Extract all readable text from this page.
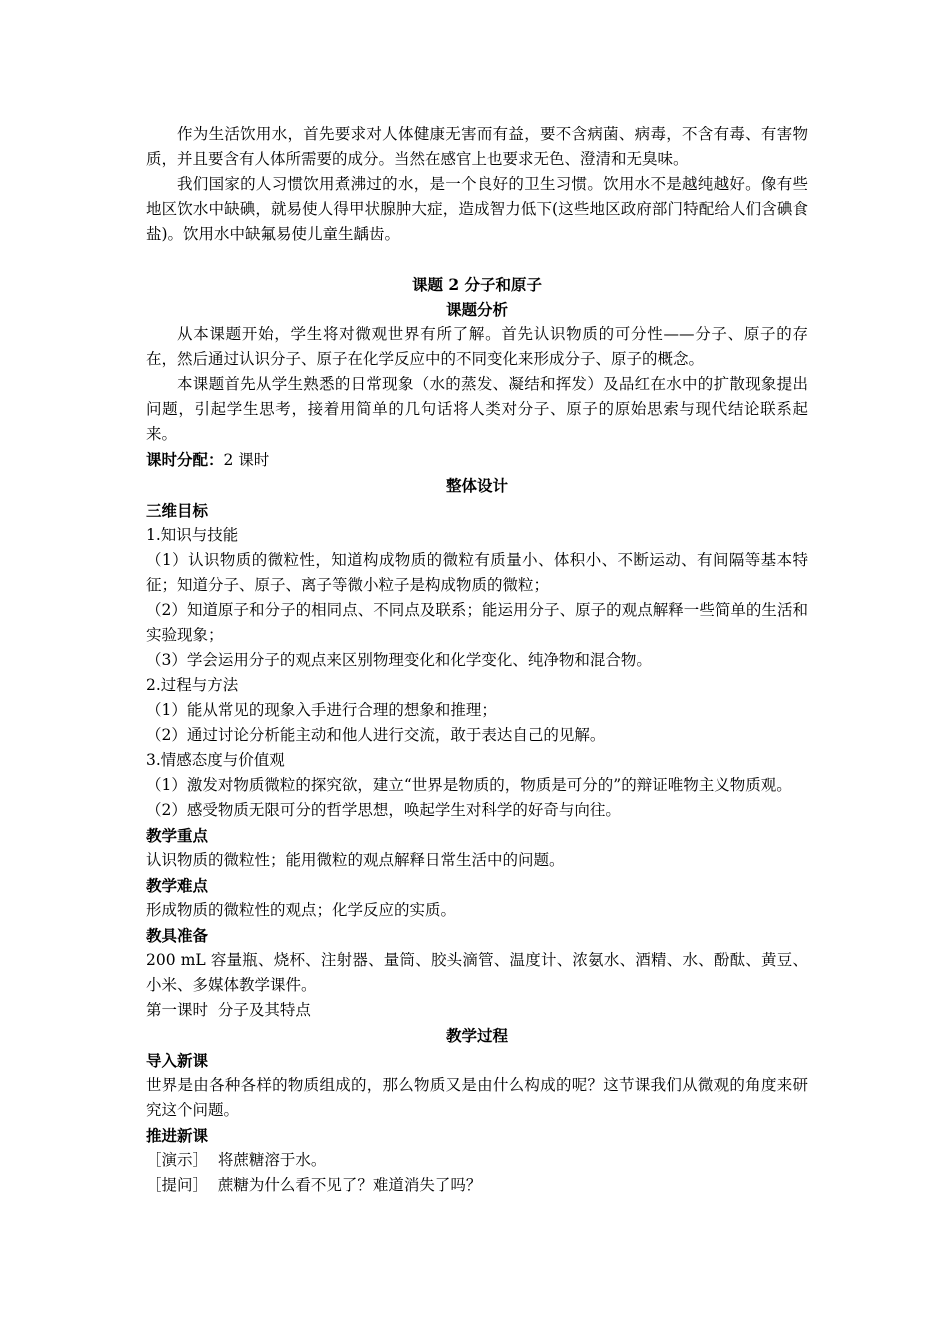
作为生活饮用水，首先要求对人体健康无害而有益，要不含病菌、病毒，不含有毒、有害物质，并且要含有人体所需要的成分。当然在感官上也要求无色、澄清和无臭味。

我们国家的人习惯饮用煮沸过的水，是一个良好的卫生习惯。饮用水不是越纯越好。像有些地区饮水中缺碘，就易使人得甲状腺肿大症，造成智力低下(这些地区政府部门特配给人们含碘食盐)。饮用水中缺氟易使儿童生龋齿。

课题 2 分子和原子

课题分析

从本课题开始，学生将对微观世界有所了解。首先认识物质的可分性——分子、原子的存在，然后通过认识分子、原子在化学反应中的不同变化来形成分子、原子的概念。

本课题首先从学生熟悉的日常现象（水的蒸发、凝结和挥发）及品红在水中的扩散现象提出问题，引起学生思考，接着用简单的几句话将人类对分子、原子的原始思索与现代结论联系起来。

课时分配：2 课时

整体设计

三维目标

1.知识与技能

（1）认识物质的微粒性，知道构成物质的微粒有质量小、体积小、不断运动、有间隔等基本特征；知道分子、原子、离子等微小粒子是构成物质的微粒；

（2）知道原子和分子的相同点、不同点及联系；能运用分子、原子的观点解释一些简单的生活和实验现象；

（3）学会运用分子的观点来区别物理变化和化学变化、纯净物和混合物。

2.过程与方法

（1）能从常见的现象入手进行合理的想象和推理；

（2）通过讨论分析能主动和他人进行交流，敢于表达自己的见解。

3.情感态度与价值观

（1）激发对物质微粒的探究欲，建立“世界是物质的，物质是可分的”的辩证唯物主义物质观。

（2）感受物质无限可分的哲学思想，唤起学生对科学的好奇与向往。

教学重点

认识物质的微粒性；能用微粒的观点解释日常生活中的问题。

教学难点

形成物质的微粒性的观点；化学反应的实质。

教具准备

200 mL 容量瓶、烧杯、注射器、量筒、胶头滴管、温度计、浓氨水、酒精、水、酚酞、黄豆、小米、多媒体教学课件。

第一课时  分子及其特点

教学过程

导入新课

世界是由各种各样的物质组成的，那么物质又是由什么构成的呢？这节课我们从微观的角度来研究这个问题。

推进新课

［演示］  将蔗糖溶于水。

［提问］  蔗糖为什么看不见了？难道消失了吗？
